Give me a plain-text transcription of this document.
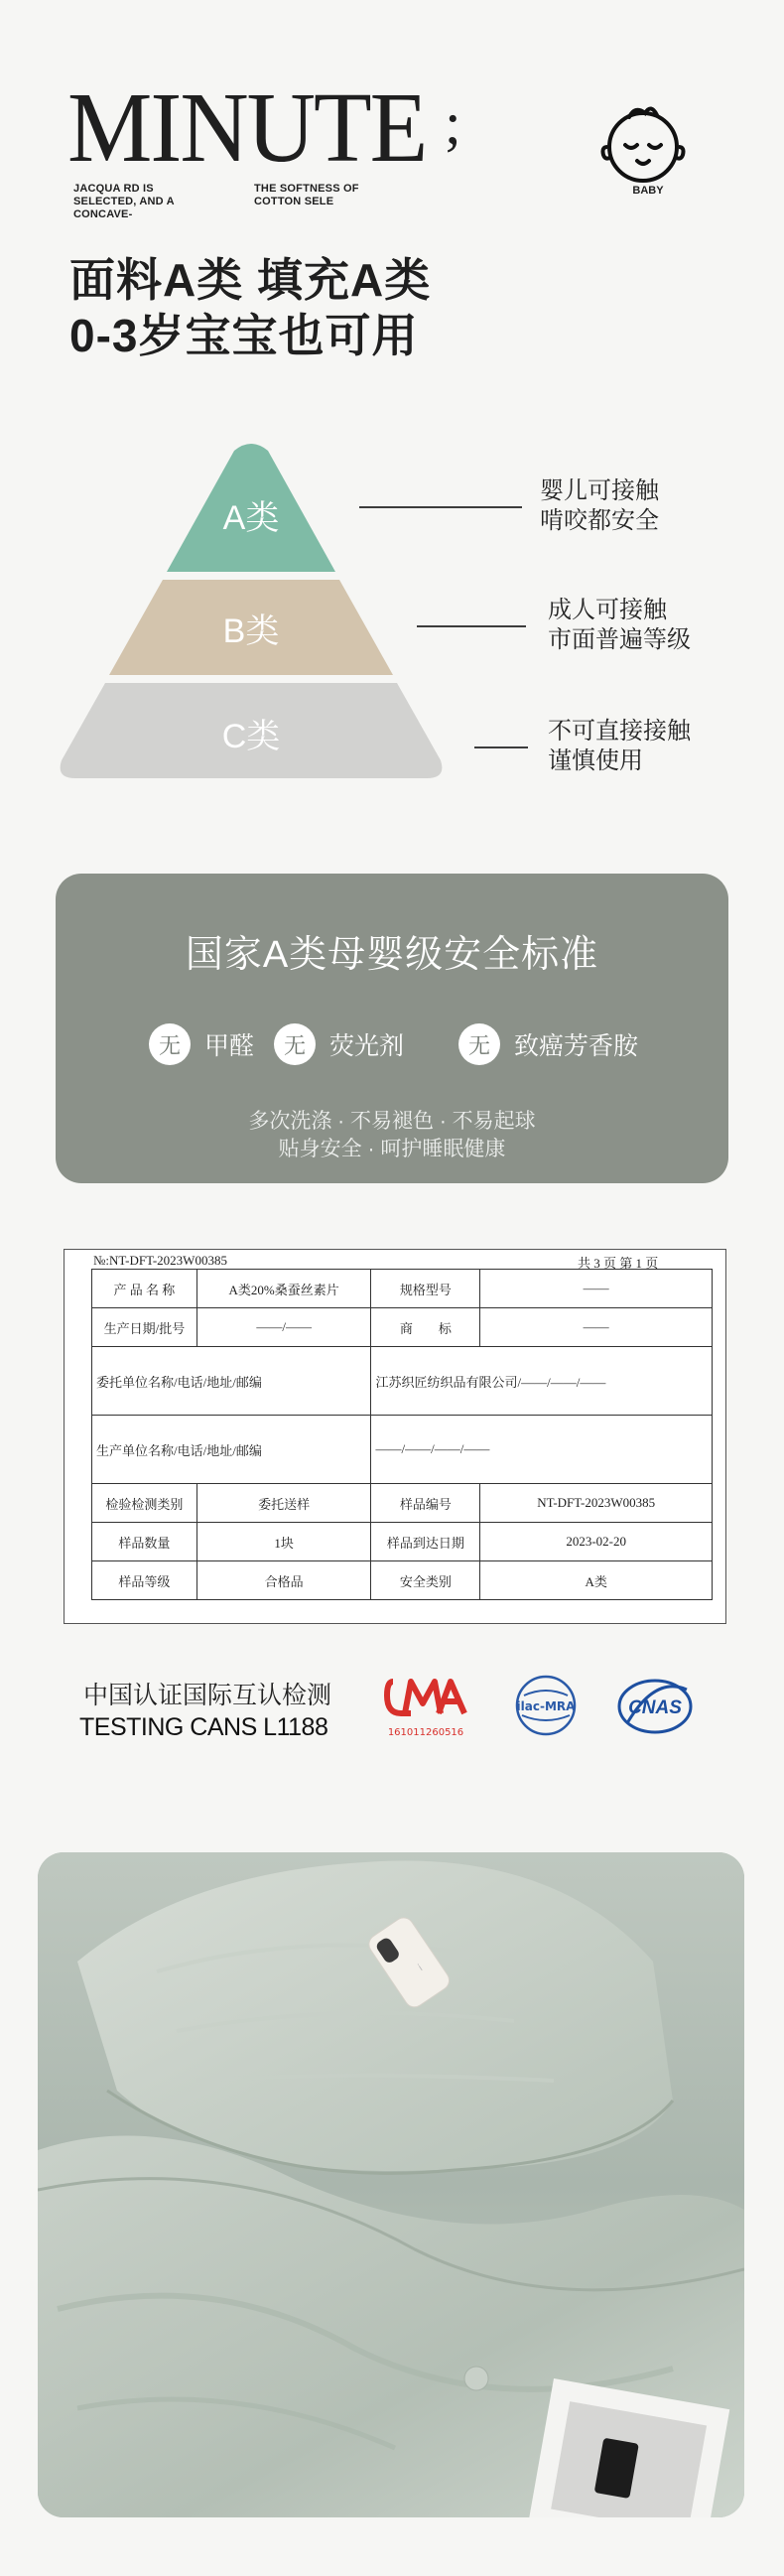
MINUTE ;
JACQUA RD IS SELECTED, AND A CONCAVE-
THE SOFTNESS OF COTTON SELE
BABY
面料A类 填充A类
0-3岁宝宝也可用
A类
B类
C类
婴儿可接触
啃咬都安全
成人可接触
市面普遍等级
不可直接接触
谨慎使用
国家A类母婴级安全标准
无 甲醛	无 荧光剂	无 致癌芳香胺
多次洗涤 · 不易褪色 · 不易起球
贴身安全 · 呵护睡眠健康
№:NT-DFT-2023W00385	共 3 页 第 1 页
产 品 名 称	A类20%桑蚕丝素片	规格型号	——
生产日期/批号	——/——	商　　标	——
委托单位名称/电话/地址/邮编		江苏织匠纺织品有限公司/——/——/——	
生产单位名称/电话/地址/邮编		——/——/——/——	
检验检测类别	委托送样	样品编号	NT-DFT-2023W00385
样品数量	1块	样品到达日期	2023-02-20
样品等级	合格品	安全类别	A类
中国认证国际互认检测
TESTING CANS L1188	161011260516
ilac-MRA	CNAS
i
